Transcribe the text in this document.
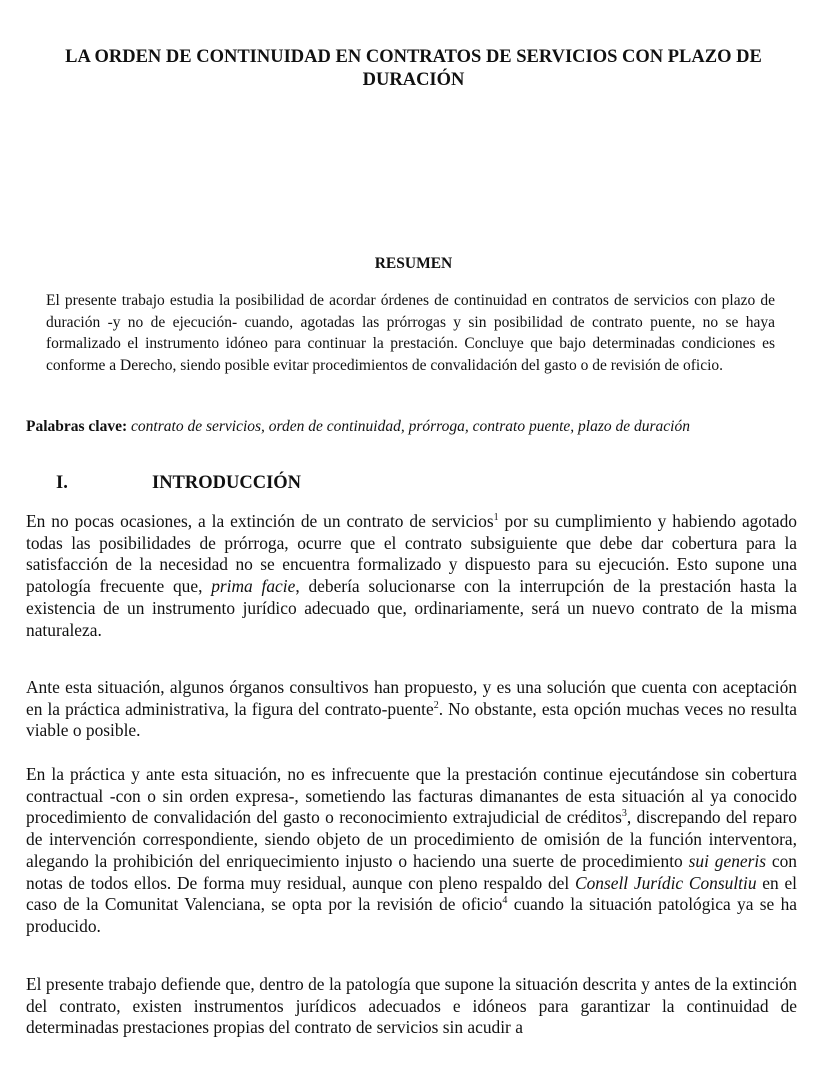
LA ORDEN DE CONTINUIDAD EN CONTRATOS DE SERVICIOS CON PLAZO DE DURACIÓN
RESUMEN

El presente trabajo estudia la posibilidad de acordar órdenes de continuidad en contratos de servicios con plazo de duración -y no de ejecución- cuando, agotadas las prórrogas y sin posibilidad de contrato puente, no se haya formalizado el instrumento idóneo para continuar la prestación. Concluye que bajo determinadas condiciones es conforme a Derecho, siendo posible evitar procedimientos de convalidación del gasto o de revisión de oficio.

Palabras clave: contrato de servicios, orden de continuidad, prórroga, contrato puente, plazo de duración

I.	INTRODUCCIÓN

En no pocas ocasiones, a la extinción de un contrato de servicios$^1$ por su cumplimiento y habiendo agotado todas las posibilidades de prórroga, ocurre que el contrato subsiguiente que debe dar cobertura para la satisfacción de la necesidad no se encuentra formalizado y dispuesto para su ejecución. Esto supone una patología frecuente que, prima facie, debería solucionarse con la interrupción de la prestación hasta la existencia de un instrumento jurídico adecuado que, ordinariamente, será un nuevo contrato de la misma naturaleza.

Ante esta situación, algunos órganos consultivos han propuesto, y es una solución que cuenta con aceptación en la práctica administrativa, la figura del contrato-puente$^2$. No obstante, esta opción muchas veces no resulta viable o posible.

En la práctica y ante esta situación, no es infrecuente que la prestación continue ejecutándose sin cobertura contractual -con o sin orden expresa-, sometiendo las facturas dimanantes de esta situación al ya conocido procedimiento de convalidación del gasto o reconocimiento extrajudicial de créditos$^3$, discrepando del reparo de intervención correspondiente, siendo objeto de un procedimiento de omisión de la función interventora, alegando la prohibición del enriquecimiento injusto o haciendo una suerte de procedimiento sui generis con notas de todos ellos. De forma muy residual, aunque con pleno respaldo del Consell Jurídic Consultiu en el caso de la Comunitat Valenciana, se opta por la revisión de oficio$^4$ cuando la situación patológica ya se ha producido.

El presente trabajo defiende que, dentro de la patología que supone la situación descrita y antes de la extinción del contrato, existen instrumentos jurídicos adecuados e idóneos para garantizar la continuidad de determinadas prestaciones propias del contrato de servicios sin acudir a
